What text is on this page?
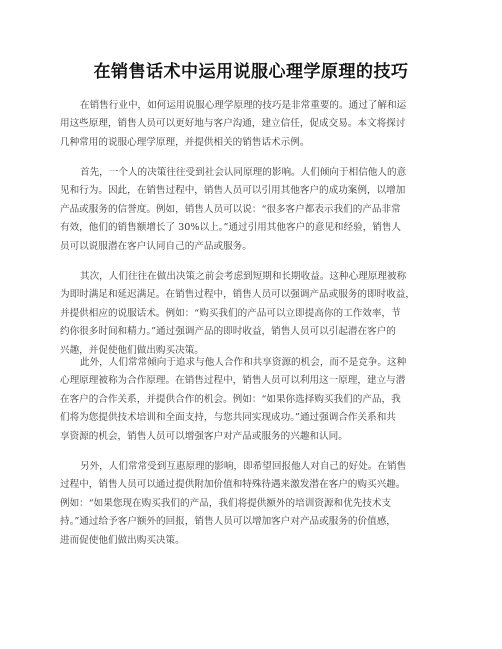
在销售话术中运用说服心理学原理的技巧
在销售行业中，如何运用说服心理学原理的技巧是非常重要的。通过了解和运
用这些原理，销售人员可以更好地与客户沟通，建立信任，促成交易。本文将探讨
几种常用的说服心理学原理，并提供相关的销售话术示例。
首先，一个人的决策往往受到社会认同原理的影响。人们倾向于相信他人的意
见和行为。因此，在销售过程中，销售人员可以引用其他客户的成功案例，以增加
产品或服务的信誉度。例如，销售人员可以说：“很多客户都表示我们的产品非常
有效，他们的销售额增长了 30%以上。”通过引用其他客户的意见和经验，销售人
员可以说服潜在客户认同自己的产品或服务。
其次，人们往往在做出决策之前会考虑到短期和长期收益。这种心理原理被称
为即时满足和延迟满足。在销售过程中，销售人员可以强调产品或服务的即时收益，
并提供相应的说服话术。例如：“购买我们的产品可以立即提高你的工作效率，节
约你很多时间和精力。”通过强调产品的即时收益，销售人员可以引起潜在客户的
兴趣，并促使他们做出购买决策。
此外，人们常常倾向于追求与他人合作和共享资源的机会，而不是竞争。这种
心理原理被称为合作原理。在销售过程中，销售人员可以利用这一原理，建立与潜
在客户的合作关系，并提供合作的机会。例如：“如果你选择购买我们的产品，我
们将为您提供技术培训和全面支持，与您共同实现成功。”通过强调合作关系和共
享资源的机会，销售人员可以增强客户对产品或服务的兴趣和认同。
另外，人们常常受到互惠原理的影响，即希望回报他人对自己的好处。在销售
过程中，销售人员可以通过提供附加价值和特殊待遇来激发潜在客户的购买兴趣。
例如：“如果您现在购买我们的产品，我们将提供额外的培训资源和优先技术支
持。”通过给予客户额外的回报，销售人员可以增加客户对产品或服务的价值感，
进而促使他们做出购买决策。
